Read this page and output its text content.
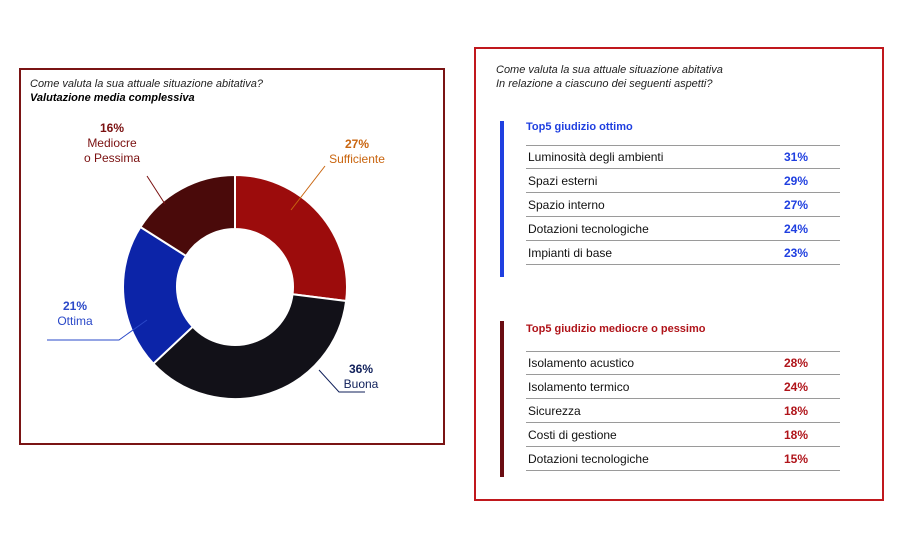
Come valuta la sua attuale situazione abitativa?
Valutazione media complessiva
27%
Sufficiente
36%
Buona
21%
Ottima
16%
Mediocre
o Pessima
Come valuta la sua attuale situazione abitativa
In relazione a ciascuno dei seguenti aspetti?
Top5 giudizio ottimo
Luminosità degli ambienti	31%
Spazi esterni	29%
Spazio interno	27%
Dotazioni tecnologiche	24%
Impianti di base	23%
Top5 giudizio mediocre o pessimo
Isolamento acustico	28%
Isolamento termico	24%
Sicurezza	18%
Costi di gestione	18%
Dotazioni tecnologiche	15%
